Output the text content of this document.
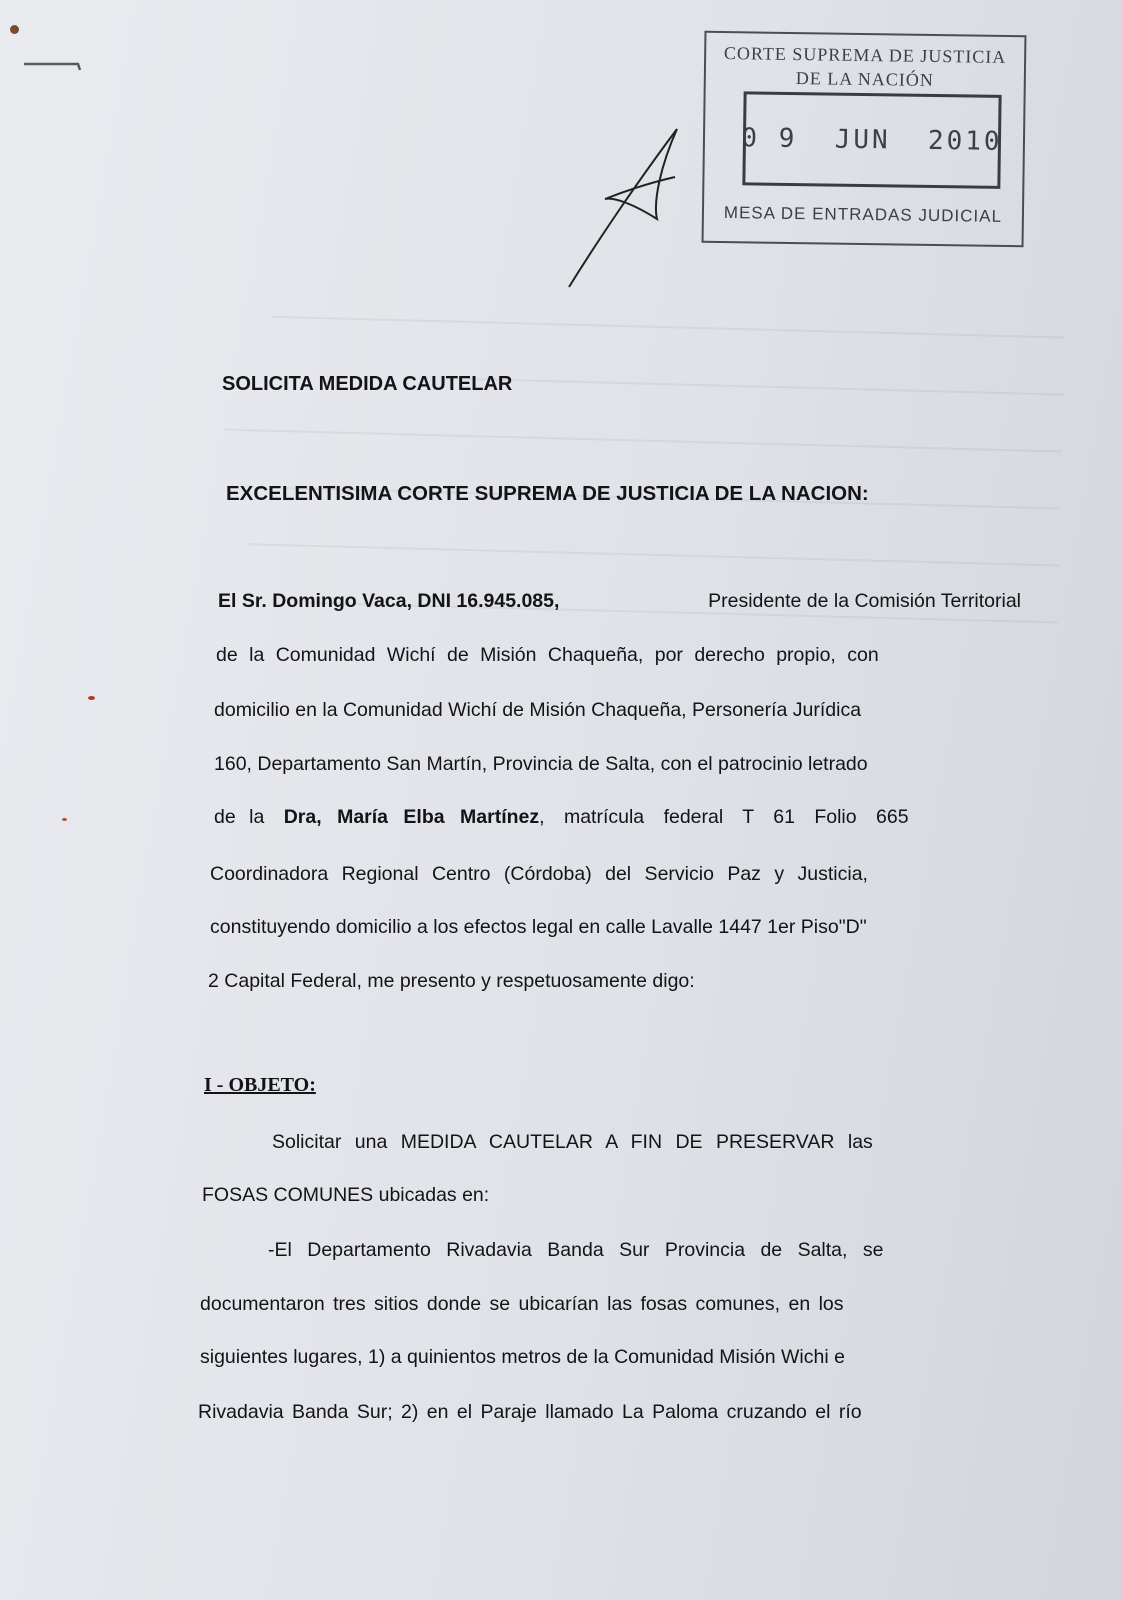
CORTE SUPREMA DE JUSTICIA
DE LA NACIÓN
0 9  JUN  2010
MESA DE ENTRADAS JUDICIAL
SOLICITA MEDIDA CAUTELAR
EXCELENTISIMA CORTE SUPREMA DE JUSTICIA DE LA NACION:
El Sr. Domingo Vaca, DNI 16.945.085,	Presidente de la Comisión Territorial
de la Comunidad Wichí de Misión Chaqueña, por derecho propio, con
domicilio en la Comunidad Wichí de Misión Chaqueña, Personería Jurídica
160, Departamento San Martín, Provincia de Salta, con el patrocinio letrado
de la Dra, María Elba Martínez, matrícula federal T 61 Folio 665
Coordinadora Regional Centro (Córdoba) del Servicio Paz y Justicia,
constituyendo domicilio a los efectos legal en calle Lavalle 1447 1er Piso"D"
2 Capital Federal, me presento y respetuosamente digo:
I - OBJETO:
Solicitar una MEDIDA CAUTELAR A FIN DE PRESERVAR las
FOSAS COMUNES ubicadas en:
-El Departamento Rivadavia Banda Sur Provincia de Salta, se
documentaron tres sitios donde se ubicarían las fosas comunes, en los
siguientes lugares, 1) a quinientos metros de la Comunidad Misión Wichi e
Rivadavia Banda Sur; 2) en el Paraje llamado La Paloma cruzando el río
